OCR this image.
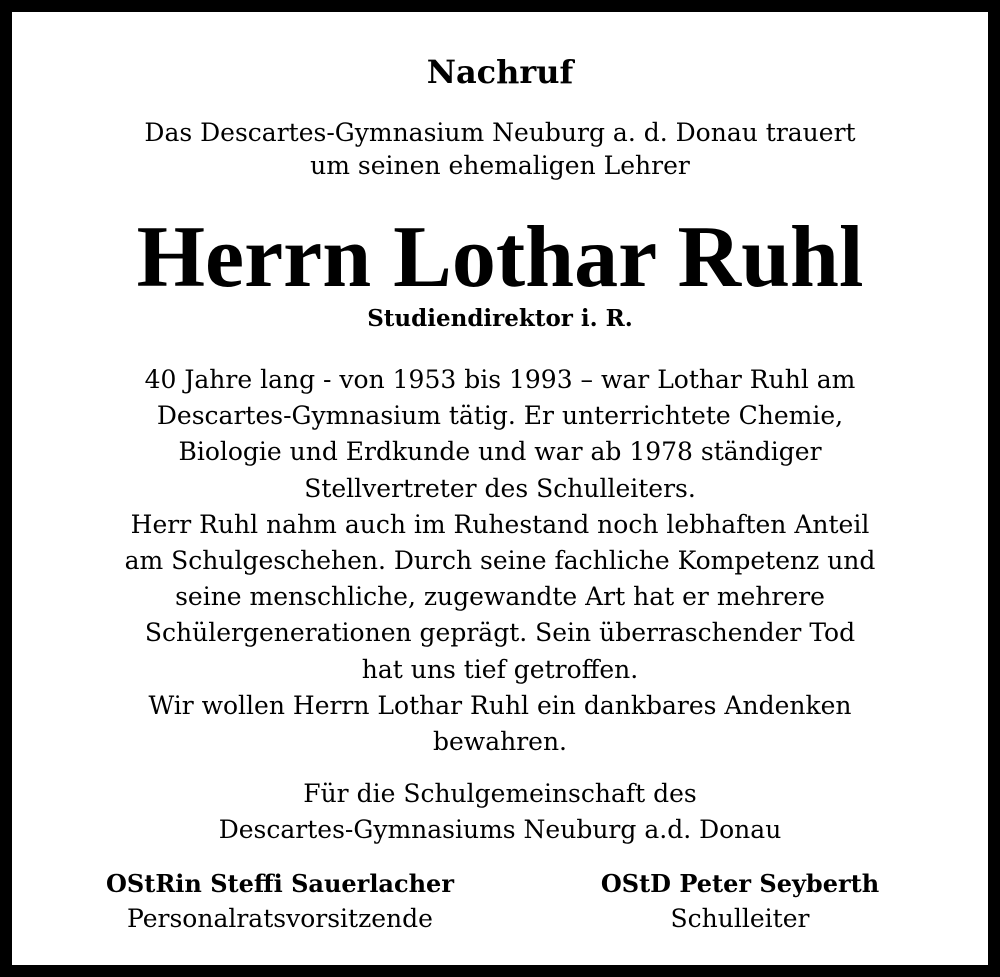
Nachruf
Das Descartes-Gymnasium Neuburg a. d. Donau trauert
um seinen ehemaligen Lehrer
Herrn Lothar Ruhl
Studiendirektor i. R.
40 Jahre lang - von 1953 bis 1993 – war Lothar Ruhl am
Descartes-Gymnasium tätig. Er unterrichtete Chemie,
Biologie und Erdkunde und war ab 1978 ständiger
Stellvertreter des Schulleiters.
Herr Ruhl nahm auch im Ruhestand noch lebhaften Anteil
am Schulgeschehen. Durch seine fachliche Kompetenz und
seine menschliche, zugewandte Art hat er mehrere
Schülergenerationen geprägt. Sein überraschender Tod
hat uns tief getroffen.
Wir wollen Herrn Lothar Ruhl ein dankbares Andenken
bewahren.
Für die Schulgemeinschaft des
Descartes-Gymnasiums Neuburg a.d. Donau
OStRin Steffi Sauerlacher
Personalratsvorsitzende
OStD Peter Seyberth
Schulleiter
